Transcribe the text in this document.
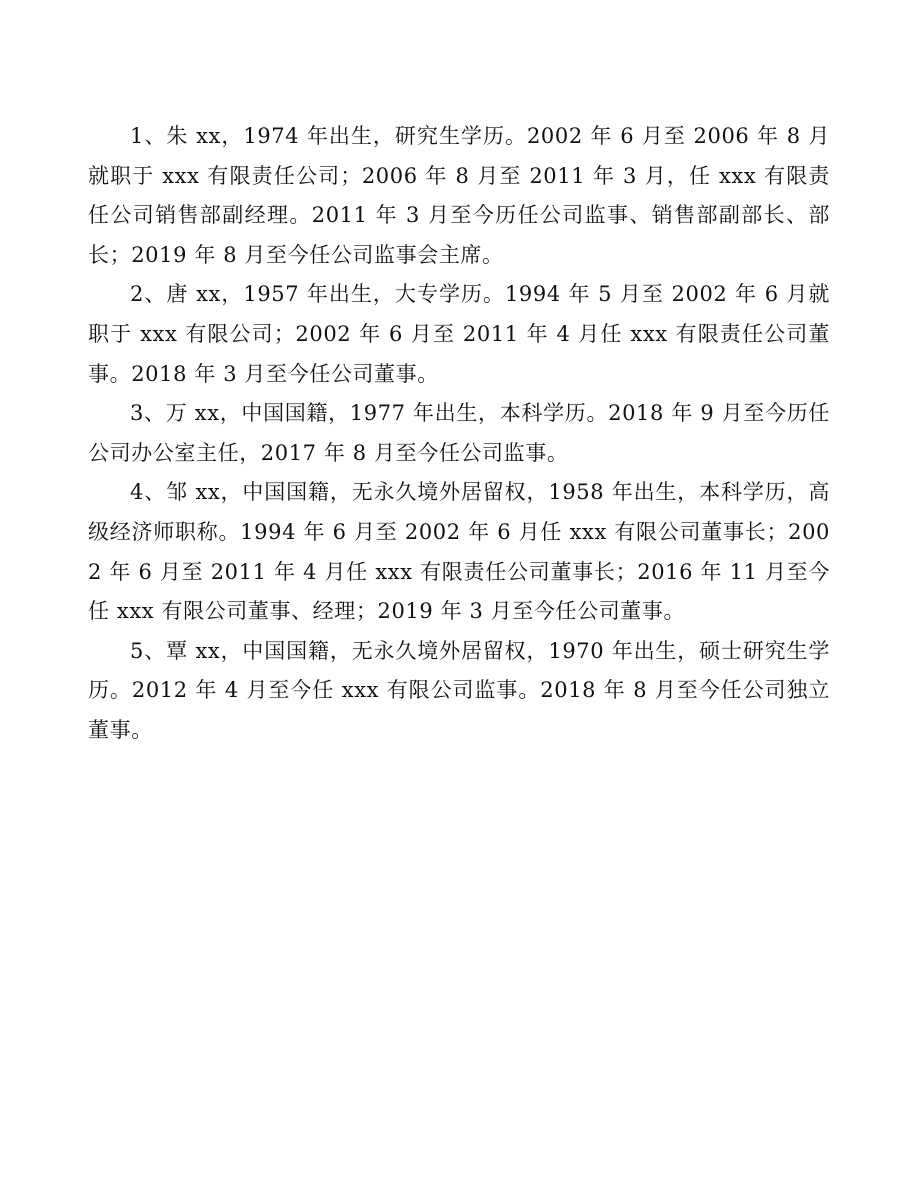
1、朱 xx，1974 年出生，研究生学历。2002 年 6 月至 2006 年 8 月就职于 xxx 有限责任公司；2006 年 8 月至 2011 年 3 月，任 xxx 有限责任公司销售部副经理。2011 年 3 月至今历任公司监事、销售部副部长、部长；2019 年 8 月至今任公司监事会主席。

2、唐 xx，1957 年出生，大专学历。1994 年 5 月至 2002 年 6 月就职于 xxx 有限公司；2002 年 6 月至 2011 年 4 月任 xxx 有限责任公司董事。2018 年 3 月至今任公司董事。

3、万 xx，中国国籍，1977 年出生，本科学历。2018 年 9 月至今历任公司办公室主任，2017 年 8 月至今任公司监事。

4、邹 xx，中国国籍，无永久境外居留权，1958 年出生，本科学历，高级经济师职称。1994 年 6 月至 2002 年 6 月任 xxx 有限公司董事长；2002 年 6 月至 2011 年 4 月任 xxx 有限责任公司董事长；2016 年 11 月至今任 xxx 有限公司董事、经理；2019 年 3 月至今任公司董事。

5、覃 xx，中国国籍，无永久境外居留权，1970 年出生，硕士研究生学历。2012 年 4 月至今任 xxx 有限公司监事。2018 年 8 月至今任公司独立董事。
